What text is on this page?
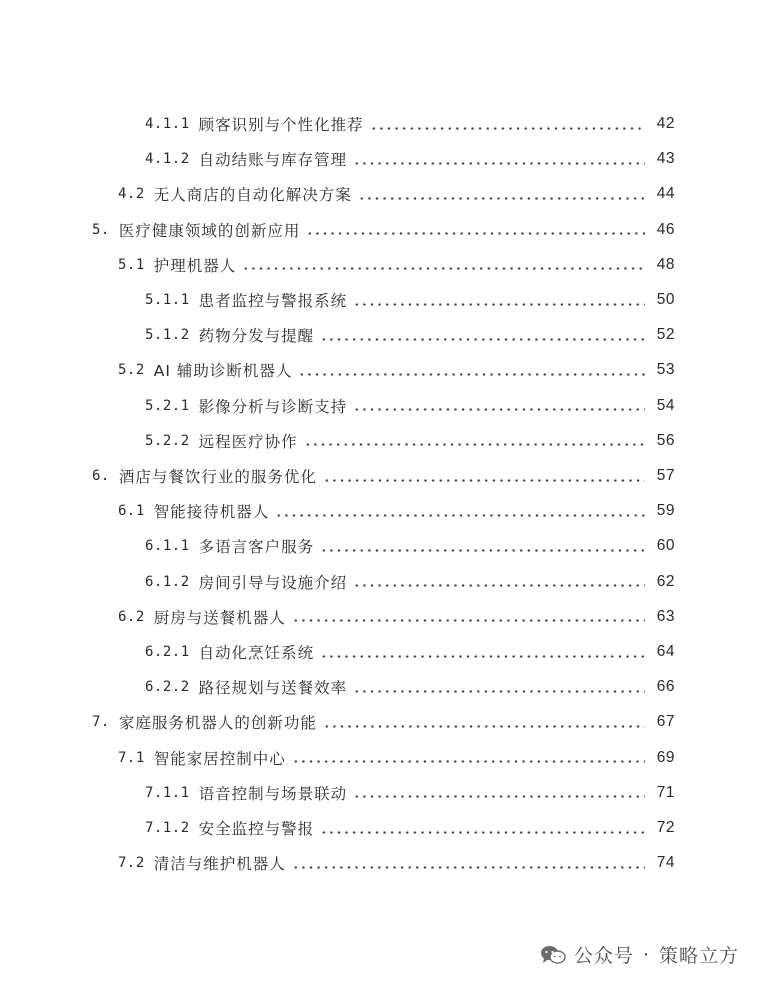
4.1.1 顾客识别与个性化推荐	42
4.1.2 自动结账与库存管理	43
4.2 无人商店的自动化解决方案	44
5. 医疗健康领域的创新应用	46
5.1 护理机器人	48
5.1.1 患者监控与警报系统	50
5.1.2 药物分发与提醒	52
5.2 AI 辅助诊断机器人	53
5.2.1 影像分析与诊断支持	54
5.2.2 远程医疗协作	56
6. 酒店与餐饮行业的服务优化	57
6.1 智能接待机器人	59
6.1.1 多语言客户服务	60
6.1.2 房间引导与设施介绍	62
6.2 厨房与送餐机器人	63
6.2.1 自动化烹饪系统	64
6.2.2 路径规划与送餐效率	66
7. 家庭服务机器人的创新功能	67
7.1 智能家居控制中心	69
7.1.1 语音控制与场景联动	71
7.1.2 安全监控与警报	72
7.2 清洁与维护机器人	74
公众号 · 策略立方
